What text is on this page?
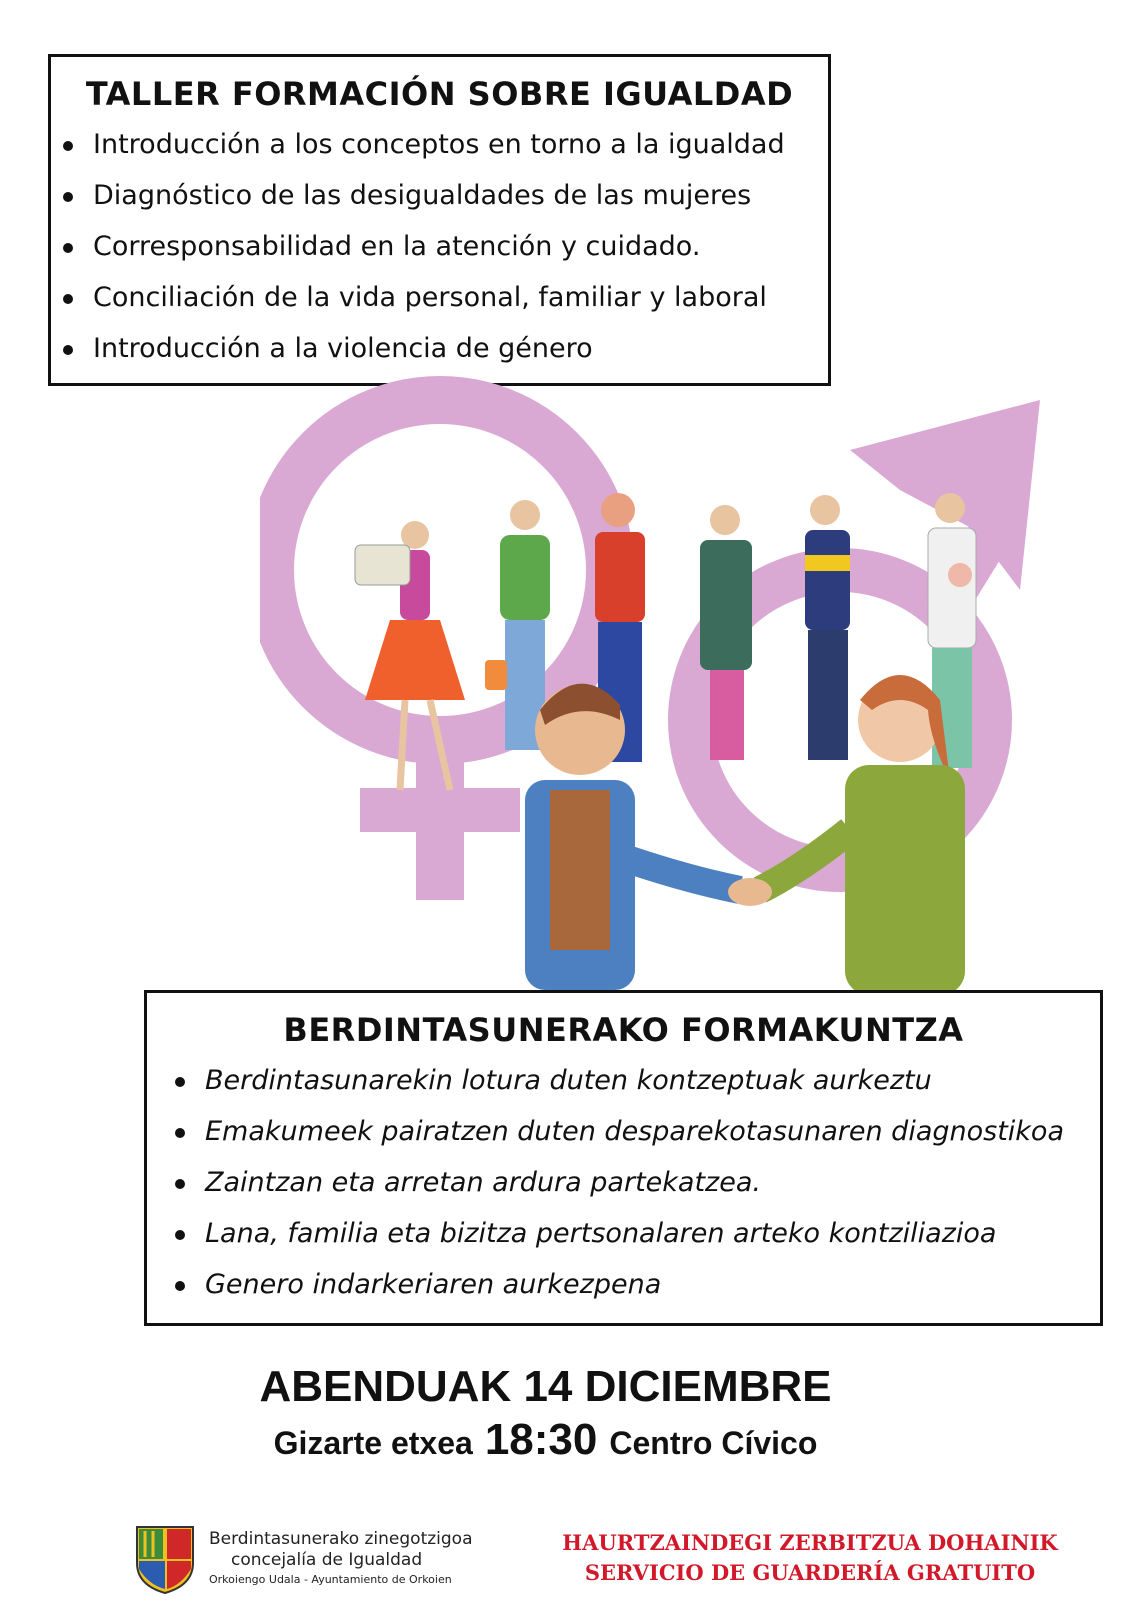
TALLER FORMACIÓN SOBRE IGUALDAD
Introducción a los conceptos en torno a la igualdad
Diagnóstico de las desigualdades de las mujeres
Corresponsabilidad en la atención y cuidado.
Conciliación de la vida personal, familiar y laboral
Introducción a la violencia de género
BERDINTASUNERAKO FORMAKUNTZA
Berdintasunarekin lotura duten kontzeptuak aurkeztu
Emakumeek pairatzen duten desparekotasunaren diagnostikoa
Zaintzan eta arretan ardura partekatzea.
Lana, familia eta bizitza pertsonalaren arteko kontziliazioa
Genero indarkeriaren aurkezpena
ABENDUAK 14 DICIEMBRE
Gizarte etxea 18:30 Centro Cívico
Berdintasunerako zinegotzigoa
concejalía de Igualdad
Orkoiengo Udala - Ayuntamiento de Orkoien
HAURTZAINDEGI ZERBITZUA DOHAINIK
SERVICIO DE GUARDERÍA GRATUITO
